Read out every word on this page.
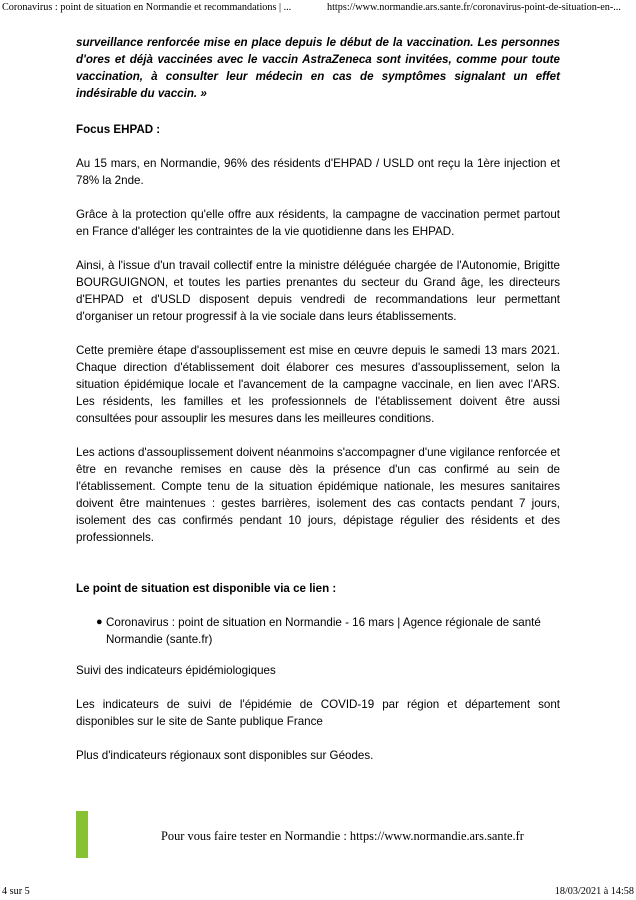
Coronavirus : point de situation en Normandie et recommandations | ...	https://www.normandie.ars.sante.fr/coronavirus-point-de-situation-en-...

surveillance renforcée mise en place depuis le début de la vaccination. Les personnes d'ores et déjà vaccinées avec le vaccin AstraZeneca sont invitées, comme pour toute vaccination, à consulter leur médecin en cas de symptômes signalant un effet indésirable du vaccin. »

Focus EHPAD :

Au 15 mars, en Normandie, 96% des résidents d'EHPAD / USLD ont reçu la 1ère injection et 78% la 2nde.

Grâce à la protection qu'elle offre aux résidents, la campagne de vaccination permet partout en France d'alléger les contraintes de la vie quotidienne dans les EHPAD.

Ainsi, à l'issue d'un travail collectif entre la ministre déléguée chargée de l'Autonomie, Brigitte BOURGUIGNON, et toutes les parties prenantes du secteur du Grand âge, les directeurs d'EHPAD et d'USLD disposent depuis vendredi de recommandations leur permettant d'organiser un retour progressif à la vie sociale dans leurs établissements.

Cette première étape d'assouplissement est mise en œuvre depuis le samedi 13 mars 2021. Chaque direction d'établissement doit élaborer ces mesures d'assouplissement, selon la situation épidémique locale et l'avancement de la campagne vaccinale, en lien avec l'ARS. Les résidents, les familles et les professionnels de l'établissement doivent être aussi consultées pour assouplir les mesures dans les meilleures conditions.

Les actions d'assouplissement doivent néanmoins s'accompagner d'une vigilance renforcée et être en revanche remises en cause dès la présence d'un cas confirmé au sein de l'établissement. Compte tenu de la situation épidémique nationale, les mesures sanitaires doivent être maintenues : gestes barrières, isolement des cas contacts pendant 7 jours, isolement des cas confirmés pendant 10 jours, dépistage régulier des résidents et des professionnels.

Le point de situation est disponible via ce lien :

● Coronavirus : point de situation en Normandie - 16 mars | Agence régionale de santé Normandie (sante.fr)

Suivi des indicateurs épidémiologiques

Les indicateurs de suivi de l'épidémie de COVID-19 par région et département sont disponibles sur le site de Sante publique France

Plus d'indicateurs régionaux sont disponibles sur Géodes.

Pour vous faire tester en Normandie : https://www.normandie.ars.sante.fr
4 sur 5	18/03/2021 à 14:58
